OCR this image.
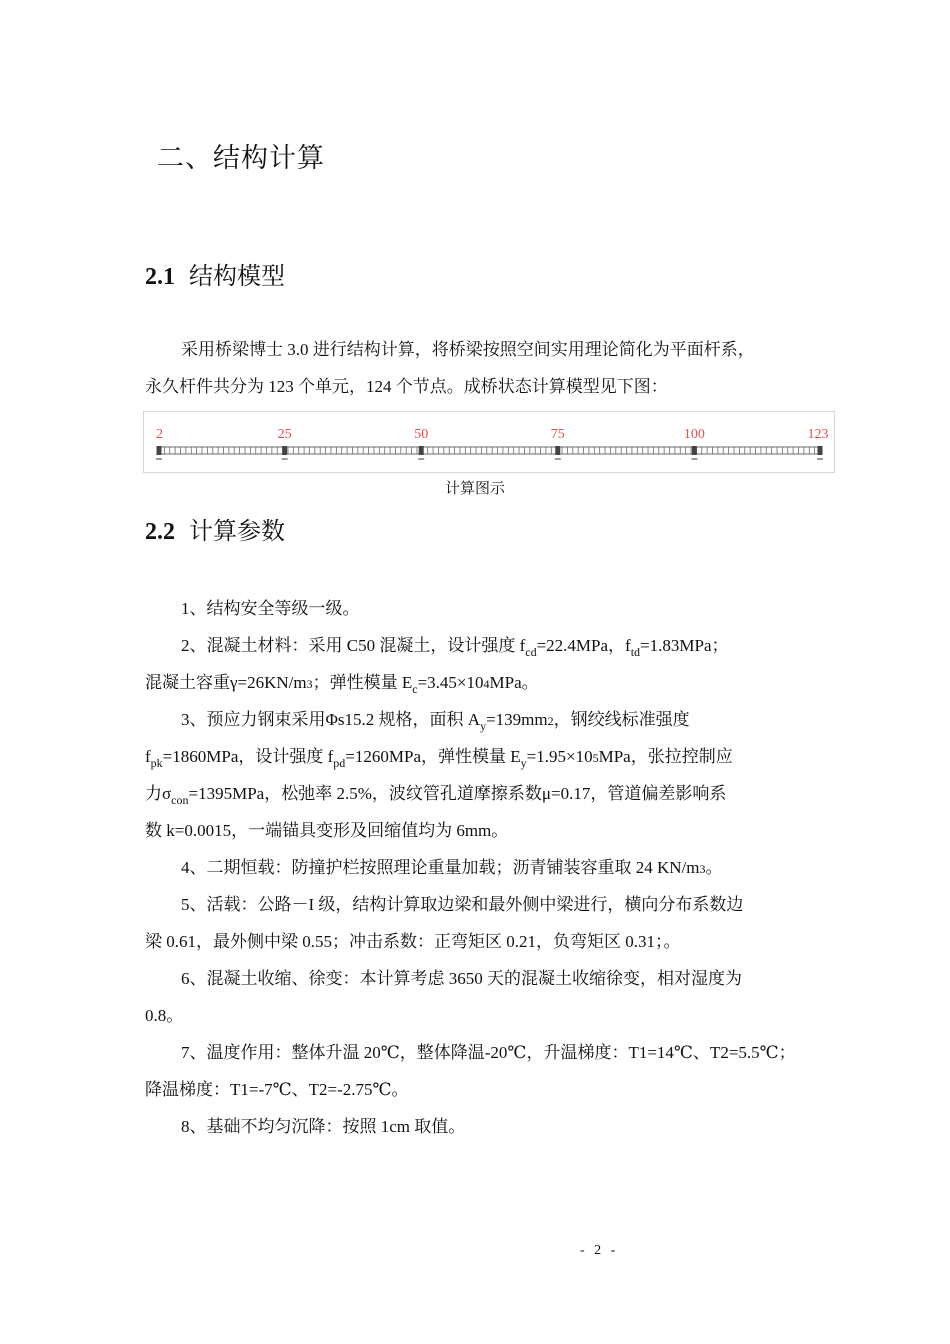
二、结构计算
2.1 结构模型
采用桥梁博士 3.0 进行结构计算，将桥梁按照空间实用理论简化为平面杆系，
永久杆件共分为 123 个单元，124 个节点。成桥状态计算模型见下图：
2	25	50	75	100	123
计算图示
2.2 计算参数
1、结构安全等级一级。
2、混凝土材料：采用 C50 混凝土，设计强度 $f_{cd}=22.4MPa$，$f_{td}=1.83MPa$；
混凝土容重γ=26KN/m3；弹性模量 $E_c=3.45\times 104MPa$。
3、预应力钢束采用Φs15.2 规格，面积 $A_y=139mm2$，钢绞线标准强度
$f_{pk}=1860MPa$，设计强度 $f_{pd}=1260MPa$，弹性模量 $E_y=1.95\times 105MPa$，张拉控制应
力$\sigma_{con}=1395MPa$，松弛率 2.5%，波纹管孔道摩擦系数μ=0.17，管道偏差影响系
数 k=0.0015，一端锚具变形及回缩值均为 6mm。
4、二期恒载：防撞护栏按照理论重量加载；沥青铺装容重取 24 KN/m3。
5、活载：公路－I 级，结构计算取边梁和最外侧中梁进行，横向分布系数边
梁 0.61，最外侧中梁 0.55；冲击系数：正弯矩区 0.21，负弯矩区 0.31；。
6、混凝土收缩、徐变：本计算考虑 3650 天的混凝土收缩徐变，相对湿度为
0.8。
7、温度作用：整体升温 20℃，整体降温-20℃，升温梯度：T1=14℃、T2=5.5℃；
降温梯度：T1=-7℃、T2=-2.75℃。
8、基础不均匀沉降：按照 1cm 取值。
- 2 -
